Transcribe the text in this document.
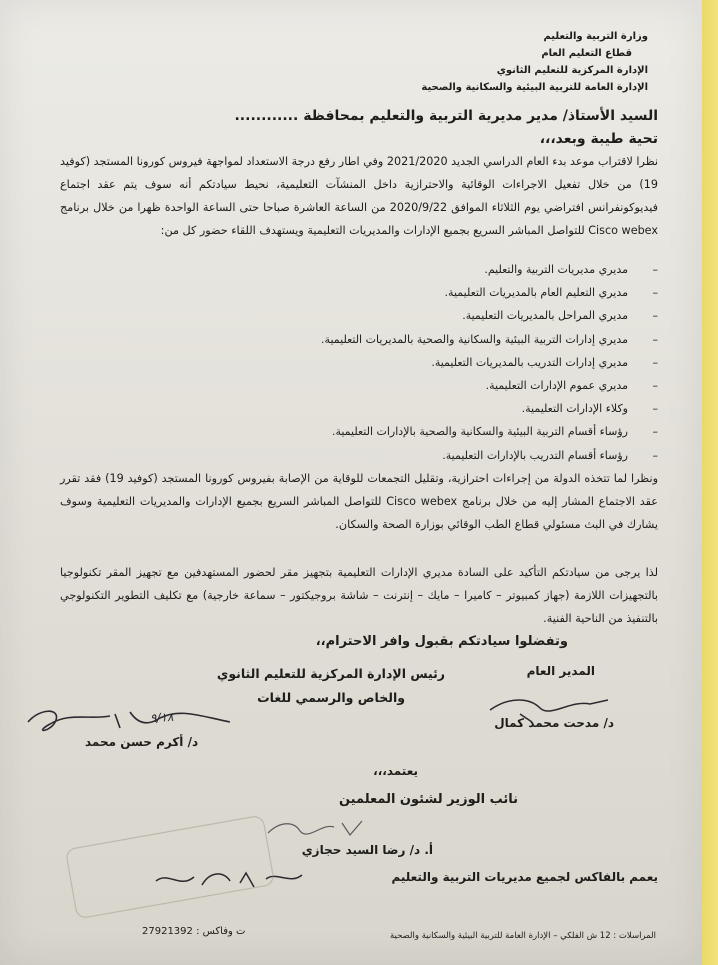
وزارة التربية والتعليم
قطاع التعليم العام
الإدارة المركزية للتعليم الثانوي
الإدارة العامة للتربية البيئية والسكانية والصحية
السيد الأستاذ/ مدير مديرية التربية والتعليم بمحافظة ............
تحية طيبة وبعد،،،
نظرا لاقتراب موعد بدء العام الدراسي الجديد 2021/2020 وفي اطار رفع درجة الاستعداد لمواجهة فيروس كورونا المستجد (كوفيد 19) من خلال تفعيل الاجراءات الوقائية والاحترازية داخل المنشآت التعليمية، نحيط سيادتكم أنه سوف يتم عقد اجتماع فيديوكونفرانس افتراضي يوم الثلاثاء الموافق 2020/9/22 من الساعة العاشرة صباحا حتى الساعة الواحدة ظهرا من خلال برنامج Cisco webex للتواصل المباشر السريع بجميع الإدارات والمديريات التعليمية ويستهدف اللقاء حضور كل من:
– مديري مديريات التربية والتعليم.
– مديري التعليم العام بالمديريات التعليمية.
– مديري المراحل بالمديريات التعليمية.
– مديري إدارات التربية البيئية والسكانية والصحية بالمديريات التعليمية.
– مديري إدارات التدريب بالمديريات التعليمية.
– مديري عموم الإدارات التعليمية.
– وكلاء الإدارات التعليمية.
– رؤساء أقسام التربية البيئية والسكانية والصحية بالإدارات التعليمية.
– رؤساء أقسام التدريب بالإدارات التعليمية.
ونظرا لما تتخذه الدولة من إجراءات احترازية، وتقليل التجمعات للوقاية من الإصابة بفيروس كورونا المستجد (كوفيد 19) فقد تقرر عقد الاجتماع المشار إليه من خلال برنامج Cisco webex للتواصل المباشر السريع بجميع الإدارات والمديريات التعليمية وسوف يشارك في البث مسئولي قطاع الطب الوقائي بوزارة الصحة والسكان.
لذا يرجى من سيادتكم التأكيد على السادة مديري الإدارات التعليمية بتجهيز مقر لحضور المستهدفين مع تجهيز المقر تكنولوجيا بالتجهيزات اللازمة (جهاز كمبيوتر – كاميرا – مايك – إنترنت – شاشة بروجيكتور – سماعة خارجية) مع تكليف التطوير التكنولوجي بالتنفيذ من الناحية الفنية.
وتفضلوا سيادتكم بقبول وافر الاحترام،،
رئيس الإدارة المركزية للتعليم الثانوي
والخاص والرسمي للغات
د/ أكرم حسن محمد
المدير العام
د/ مدحت محمد كمال
يعتمد،،،
نائب الوزير لشئون المعلمين
أ. د/ رضا السيد حجازي
يعمم بالفاكس لجميع مديريات التربية والتعليم
المراسلات : 12 ش الفلكي – الإدارة العامة للتربية البيئية والسكانية والصحية
ت وفاكس : 27921392
٩/١٨
